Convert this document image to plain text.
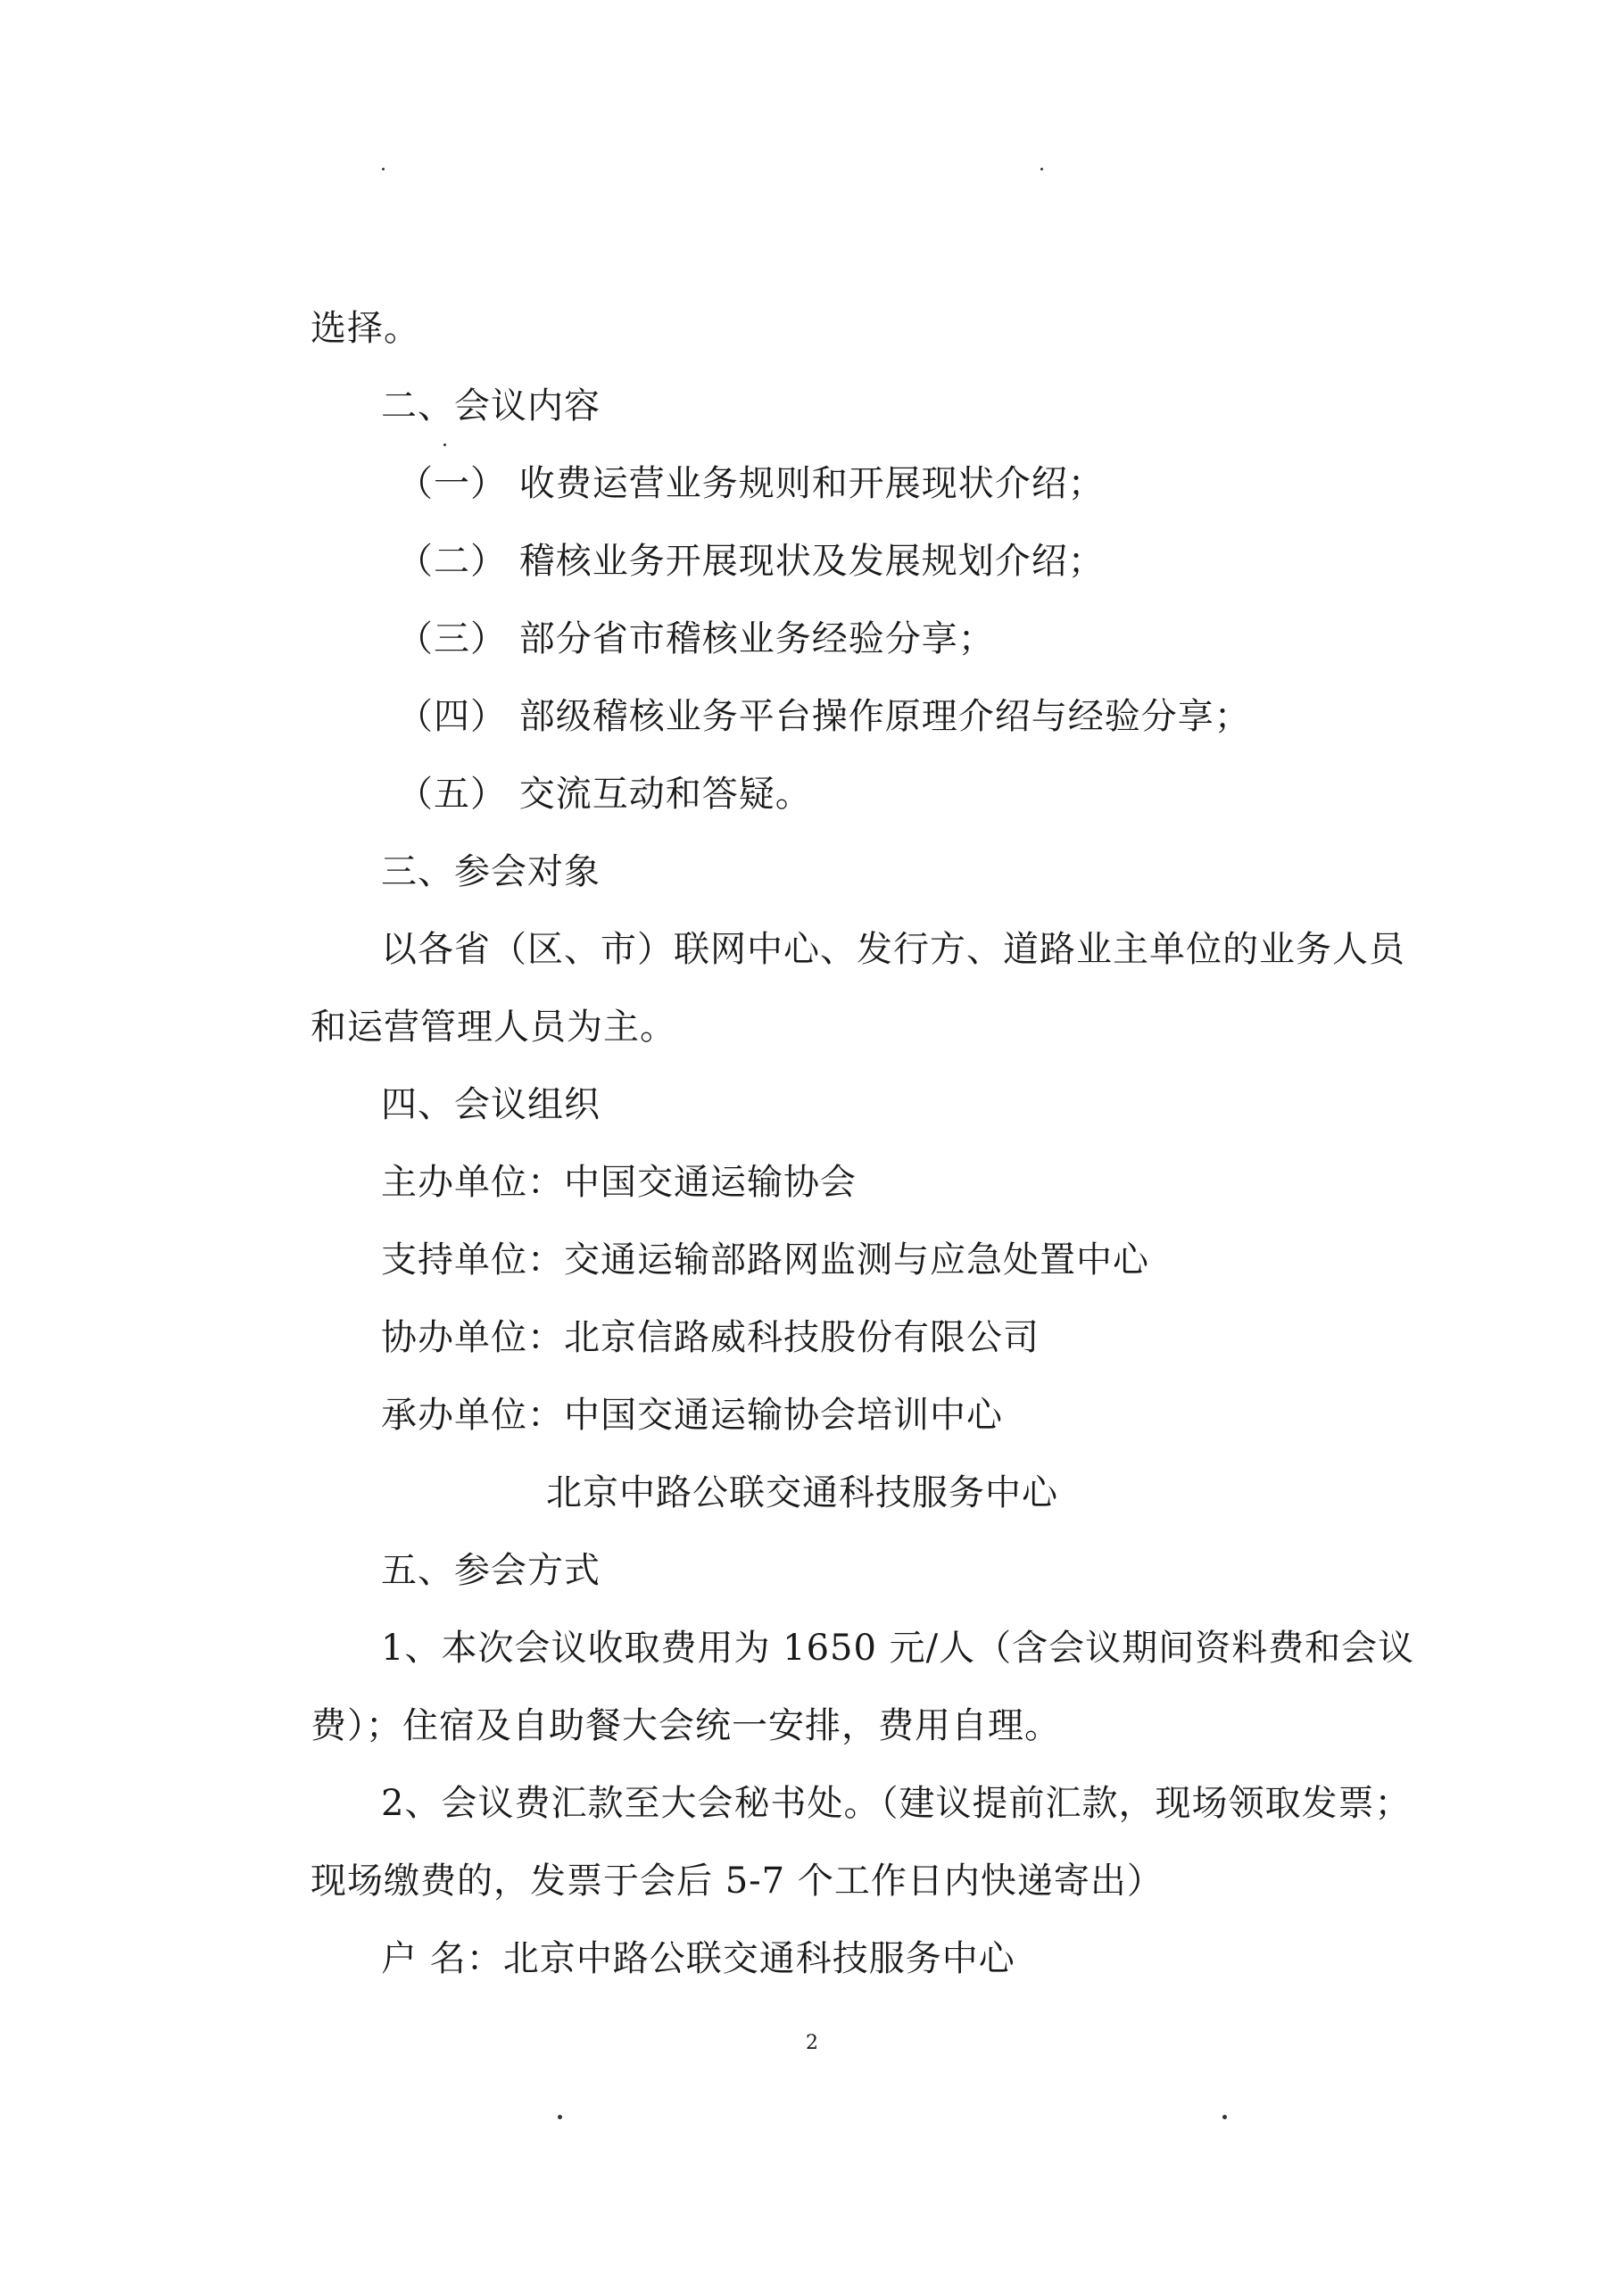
选择。
二、会议内容
（一） 收费运营业务规则和开展现状介绍；
（二） 稽核业务开展现状及发展规划介绍；
（三） 部分省市稽核业务经验分享；
（四） 部级稽核业务平台操作原理介绍与经验分享；
（五） 交流互动和答疑。
三、参会对象
以各省（区、市）联网中心、发行方、道路业主单位的业务人员
和运营管理人员为主。
四、会议组织
主办单位：中国交通运输协会
支持单位：交通运输部路网监测与应急处置中心
协办单位：北京信路威科技股份有限公司
承办单位：中国交通运输协会培训中心
北京中路公联交通科技服务中心
五、参会方式
1、本次会议收取费用为 1650 元/人（含会议期间资料费和会议
费）；住宿及自助餐大会统一安排，费用自理。
2、会议费汇款至大会秘书处。（建议提前汇款，现场领取发票；
现场缴费的，发票于会后 5-7 个工作日内快递寄出）
户 名：北京中路公联交通科技服务中心
2
